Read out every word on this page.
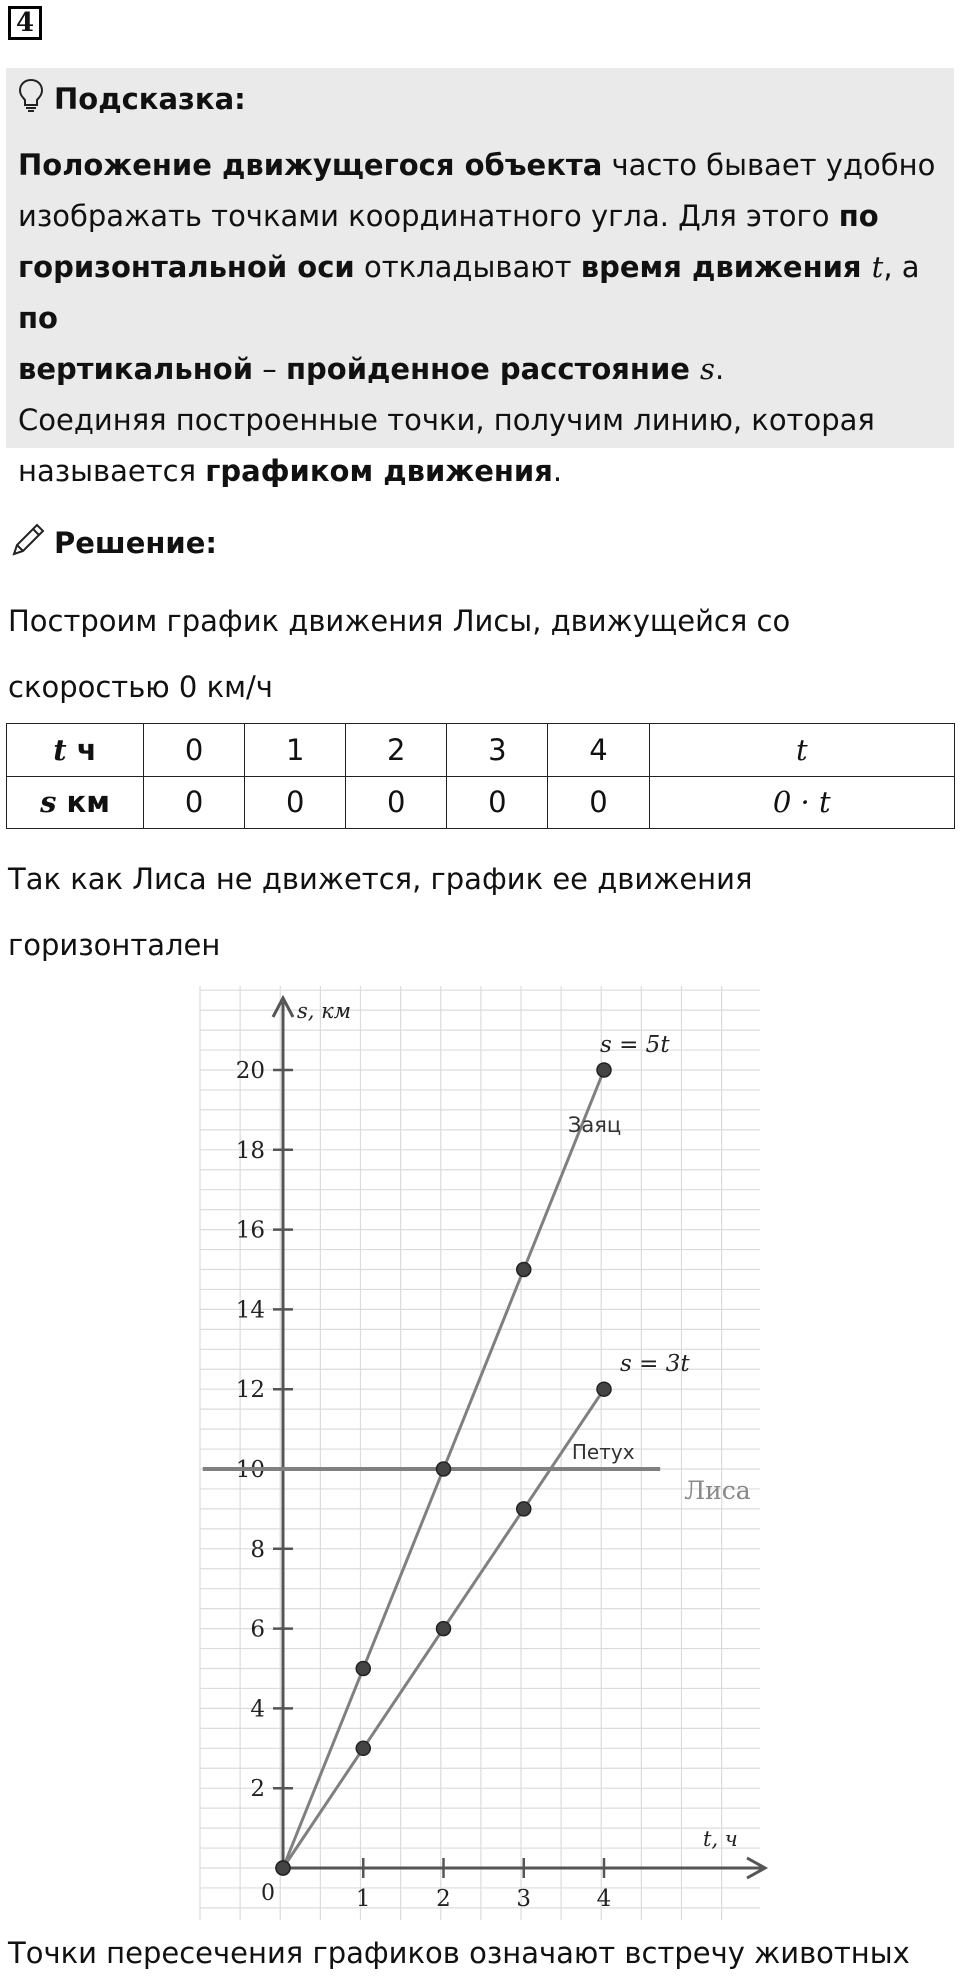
4
Подсказка:
Положение движущегося объекта часто бывает удобно
изображать точками координатного угла. Для этого по
горизонтальной оси откладывают время движения t, а по
вертикальной – пройденное расстояние s.
Соединяя построенные точки, получим линию, которая
называется графиком движения.
Решение:
Построим график движения Лисы, движущейся со
скоростью 0 км/ч
t ч	0	1	2	3	4	t
s км	0	0	0	0	0	0 · t
Так как Лиса не движется, график ее движения
горизонтален
s, км
t, ч
0	1	2	3	4
2
4
6
8
10
12
14
16
18
20
s = 5t
Заяц
s = 3t
Петух
Лиса
Точки пересечения графиков означают встречу животных
